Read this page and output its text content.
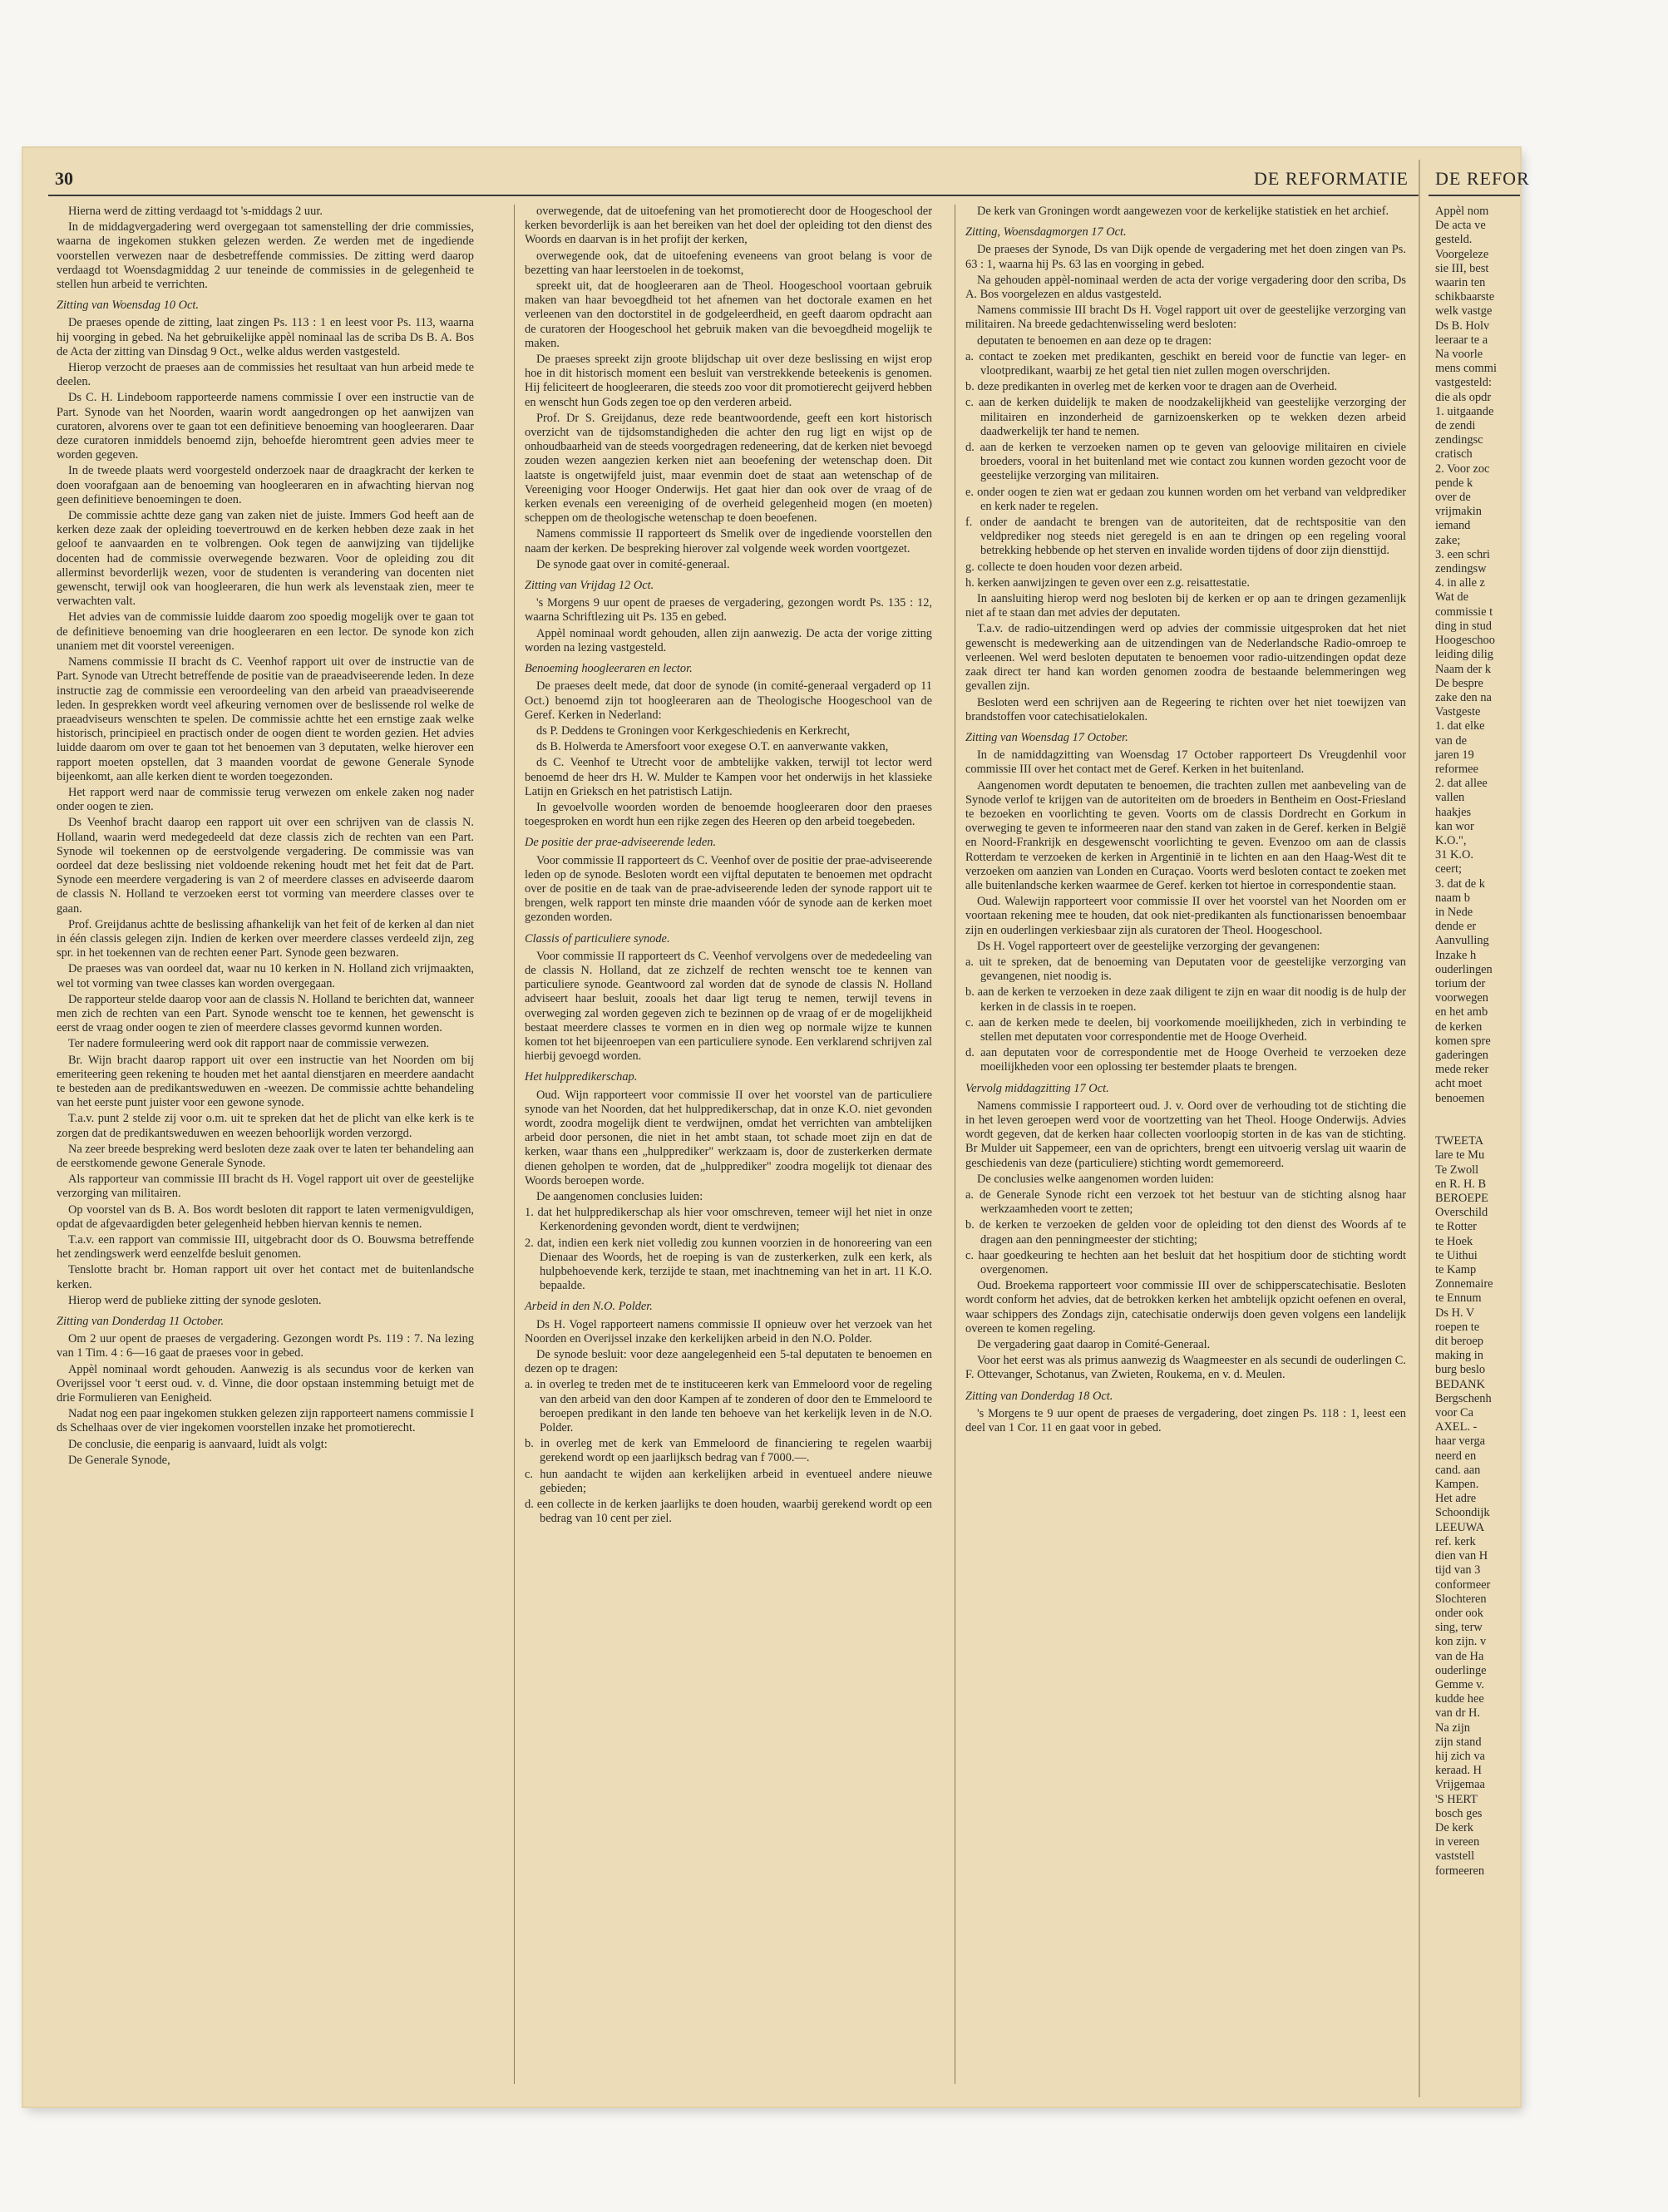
30	DE REFORMATIE

Hierna werd de zitting verdaagd tot 's-middags 2 uur.

In de middagvergadering werd overgegaan tot samenstelling der drie commissies, waarna de ingekomen stukken gelezen werden. Ze werden met de ingediende voorstellen verwezen naar de desbetreffende commissies. De zitting werd daarop verdaagd tot Woensdagmiddag 2 uur teneinde de commissies in de gelegenheid te stellen hun arbeid te verrichten.

Zitting van Woensdag 10 Oct.

De praeses opende de zitting, laat zingen Ps. 113 : 1 en leest voor Ps. 113, waarna hij voorging in gebed. Na het gebruikelijke appèl nominaal las de scriba Ds B. A. Bos de Acta der zitting van Dinsdag 9 Oct., welke aldus werden vastgesteld.

Hierop verzocht de praeses aan de commissies het resultaat van hun arbeid mede te deelen.

Ds C. H. Lindeboom rapporteerde namens commissie I over een instructie van de Part. Synode van het Noorden, waarin wordt aangedrongen op het aanwijzen van curatoren, alvorens over te gaan tot een definitieve benoeming van hoogleeraren. Daar deze curatoren inmiddels benoemd zijn, behoefde hieromtrent geen advies meer te worden gegeven.

In de tweede plaats werd voorgesteld onderzoek naar de draagkracht der kerken te doen voorafgaan aan de benoeming van hoogleeraren en in afwachting hiervan nog geen definitieve benoemingen te doen.

De commissie achtte deze gang van zaken niet de juiste. Immers God heeft aan de kerken deze zaak der opleiding toevertrouwd en de kerken hebben deze zaak in het geloof te aanvaarden en te volbrengen. Ook tegen de aanwijzing van tijdelijke docenten had de commissie overwegende bezwaren. Voor de opleiding zou dit allerminst bevorderlijk wezen, voor de studenten is verandering van docenten niet gewenscht, terwijl ook van hoogleeraren, die hun werk als levenstaak zien, meer te verwachten valt.

Het advies van de commissie luidde daarom zoo spoedig mogelijk over te gaan tot de definitieve benoeming van drie hoogleeraren en een lector. De synode kon zich unaniem met dit voorstel vereenigen.

Namens commissie II bracht ds C. Veenhof rapport uit over de instructie van de Part. Synode van Utrecht betreffende de positie van de praeadviseerende leden. In deze instructie zag de commissie een veroordeeling van den arbeid van praeadviseerende leden. In gesprekken wordt veel afkeuring vernomen over de beslissende rol welke de praeadviseurs wenschten te spelen. De commissie achtte het een ernstige zaak welke historisch, principieel en practisch onder de oogen dient te worden gezien. Het advies luidde daarom om over te gaan tot het benoemen van 3 deputaten, welke hierover een rapport moeten opstellen, dat 3 maanden voordat de gewone Generale Synode bijeenkomt, aan alle kerken dient te worden toegezonden.

Het rapport werd naar de commissie terug verwezen om enkele zaken nog nader onder oogen te zien.

Ds Veenhof bracht daarop een rapport uit over een schrijven van de classis N. Holland, waarin werd medegedeeld dat deze classis zich de rechten van een Part. Synode wil toekennen op de eerstvolgende vergadering. De commissie was van oordeel dat deze beslissing niet voldoende rekening houdt met het feit dat de Part. Synode een meerdere vergadering is van 2 of meerdere classes en adviseerde daarom de classis N. Holland te verzoeken eerst tot vorming van meerdere classes over te gaan.

Prof. Greijdanus achtte de beslissing afhankelijk van het feit of de kerken al dan niet in één classis gelegen zijn. Indien de kerken over meerdere classes verdeeld zijn, zeg spr. in het toekennen van de rechten eener Part. Synode geen bezwaren.

De praeses was van oordeel dat, waar nu 10 kerken in N. Holland zich vrijmaakten, wel tot vorming van twee classes kan worden overgegaan.

De rapporteur stelde daarop voor aan de classis N. Holland te berichten dat, wanneer men zich de rechten van een Part. Synode wenscht toe te kennen, het gewenscht is eerst de vraag onder oogen te zien of meerdere classes gevormd kunnen worden.

Ter nadere formuleering werd ook dit rapport naar de commissie verwezen.

Br. Wijn bracht daarop rapport uit over een instructie van het Noorden om bij emeriteering geen rekening te houden met het aantal dienstjaren en meerdere aandacht te besteden aan de predikantsweduwen en -weezen. De commissie achtte behandeling van het eerste punt juister voor een gewone synode.

T.a.v. punt 2 stelde zij voor o.m. uit te spreken dat het de plicht van elke kerk is te zorgen dat de predikantsweduwen en weezen behoorlijk worden verzorgd.

Na zeer breede bespreking werd besloten deze zaak over te laten ter behandeling aan de eerstkomende gewone Generale Synode.

Als rapporteur van commissie III bracht ds H. Vogel rapport uit over de geestelijke verzorging van militairen.

Op voorstel van ds B. A. Bos wordt besloten dit rapport te laten vermenigvuldigen, opdat de afgevaardigden beter gelegenheid hebben hiervan kennis te nemen.

T.a.v. een rapport van commissie III, uitgebracht door ds O. Bouwsma betreffende het zendingswerk werd eenzelfde besluit genomen.

Tenslotte bracht br. Homan rapport uit over het contact met de buitenlandsche kerken.

Hierop werd de publieke zitting der synode gesloten.

Zitting van Donderdag 11 October.

Om 2 uur opent de praeses de vergadering. Gezongen wordt Ps. 119 : 7. Na lezing van 1 Tim. 4 : 6—16 gaat de praeses voor in gebed.

Appèl nominaal wordt gehouden. Aanwezig is als secundus voor de kerken van Overijssel voor 't eerst oud. v. d. Vinne, die door opstaan instemming betuigt met de drie Formulieren van Eenigheid.

Nadat nog een paar ingekomen stukken gelezen zijn rapporteert namens commissie I ds Schelhaas over de vier ingekomen voorstellen inzake het promotierecht.

De conclusie, die eenparig is aanvaard, luidt als volgt:

De Generale Synode,

overwegende, dat de uitoefening van het promotierecht door de Hoogeschool der kerken bevorderlijk is aan het bereiken van het doel der opleiding tot den dienst des Woords en daarvan is in het profijt der kerken,

overwegende ook, dat de uitoefening eveneens van groot belang is voor de bezetting van haar leerstoelen in de toekomst,

spreekt uit, dat de hoogleeraren aan de Theol. Hoogeschool voortaan gebruik maken van haar bevoegdheid tot het afnemen van het doctorale examen en het verleenen van den doctorstitel in de godgeleerdheid, en geeft daarom opdracht aan de curatoren der Hoogeschool het gebruik maken van die bevoegdheid mogelijk te maken.

De praeses spreekt zijn groote blijdschap uit over deze beslissing en wijst erop hoe in dit historisch moment een besluit van verstrekkende beteekenis is genomen. Hij feliciteert de hoogleeraren, die steeds zoo voor dit promotierecht geijverd hebben en wenscht hun Gods zegen toe op den verderen arbeid.

Prof. Dr S. Greijdanus, deze rede beantwoordende, geeft een kort historisch overzicht van de tijdsomstandigheden die achter den rug ligt en wijst op de onhoudbaarheid van de steeds voorgedragen redeneering, dat de kerken niet bevoegd zouden wezen aangezien kerken niet aan beoefening der wetenschap doen. Dit laatste is ongetwijfeld juist, maar evenmin doet de staat aan wetenschap of de Vereeniging voor Hooger Onderwijs. Het gaat hier dan ook over de vraag of de kerken evenals een vereeniging of de overheid gelegenheid mogen (en moeten) scheppen om de theologische wetenschap te doen beoefenen.

Namens commissie II rapporteert ds Smelik over de ingediende voorstellen den naam der kerken. De bespreking hierover zal volgende week worden voortgezet.

De synode gaat over in comité-generaal.

Zitting van Vrijdag 12 Oct.

's Morgens 9 uur opent de praeses de vergadering, gezongen wordt Ps. 135 : 12, waarna Schriftlezing uit Ps. 135 en gebed.

Appèl nominaal wordt gehouden, allen zijn aanwezig. De acta der vorige zitting worden na lezing vastgesteld.

Benoeming hoogleeraren en lector.

De praeses deelt mede, dat door de synode (in comité-generaal vergaderd op 11 Oct.) benoemd zijn tot hoogleeraren aan de Theologische Hoogeschool van de Geref. Kerken in Nederland:

ds P. Deddens te Groningen voor Kerkgeschiedenis en Kerkrecht,

ds B. Holwerda te Amersfoort voor exegese O.T. en aanverwante vakken,

ds C. Veenhof te Utrecht voor de ambtelijke vakken, terwijl tot lector werd benoemd de heer drs H. W. Mulder te Kampen voor het onderwijs in het klassieke Latijn en Grieksch en het patristisch Latijn.

In gevoelvolle woorden worden de benoemde hoogleeraren door den praeses toegesproken en wordt hun een rijke zegen des Heeren op den arbeid toegebeden.

De positie der prae-adviseerende leden.

Voor commissie II rapporteert ds C. Veenhof over de positie der prae-adviseerende leden op de synode. Besloten wordt een vijftal deputaten te benoemen met opdracht over de positie en de taak van de prae-adviseerende leden der synode rapport uit te brengen, welk rapport ten minste drie maanden vóór de synode aan de kerken moet gezonden worden.

Classis of particuliere synode.

Voor commissie II rapporteert ds C. Veenhof vervolgens over de mededeeling van de classis N. Holland, dat ze zichzelf de rechten wenscht toe te kennen van particuliere synode. Geantwoord zal worden dat de synode de classis N. Holland adviseert haar besluit, zooals het daar ligt terug te nemen, terwijl tevens in overweging zal worden gegeven zich te bezinnen op de vraag of er de mogelijkheid bestaat meerdere classes te vormen en in dien weg op normale wijze te kunnen komen tot het bijeenroepen van een particuliere synode. Een verklarend schrijven zal hierbij gevoegd worden.

Het hulppredikerschap.

Oud. Wijn rapporteert voor commissie II over het voorstel van de particuliere synode van het Noorden, dat het hulppredikerschap, dat in onze K.O. niet gevonden wordt, zoodra mogelijk dient te verdwijnen, omdat het verrichten van ambtelijken arbeid door personen, die niet in het ambt staan, tot schade moet zijn en dat de kerken, waar thans een „hulpprediker" werkzaam is, door de zusterkerken dermate dienen geholpen te worden, dat de „hulpprediker" zoodra mogelijk tot dienaar des Woords beroepen worde.

De aangenomen conclusies luiden:

1. dat het hulppredikerschap als hier voor omschreven, temeer wijl het niet in onze Kerkenordening gevonden wordt, dient te verdwijnen;

2. dat, indien een kerk niet volledig zou kunnen voorzien in de honoreering van een Dienaar des Woords, het de roeping is van de zusterkerken, zulk een kerk, als hulpbehoevende kerk, terzijde te staan, met inachtneming van het in art. 11 K.O. bepaalde.

Arbeid in den N.O. Polder.

Ds H. Vogel rapporteert namens commissie II opnieuw over het verzoek van het Noorden en Overijssel inzake den kerkelijken arbeid in den N.O. Polder.

De synode besluit: voor deze aangelegenheid een 5-tal deputaten te benoemen en dezen op te dragen:

a. in overleg te treden met de te instituceeren kerk van Emmeloord voor de regeling van den arbeid van den door Kampen af te zonderen of door den te Emmeloord te beroepen predikant in den lande ten behoeve van het kerkelijk leven in de N.O. Polder.

b. in overleg met de kerk van Emmeloord de financiering te regelen waarbij gerekend wordt op een jaarlijksch bedrag van f 7000.—.

c. hun aandacht te wijden aan kerkelijken arbeid in eventueel andere nieuwe gebieden;

d. een collecte in de kerken jaarlijks te doen houden, waarbij gerekend wordt op een bedrag van 10 cent per ziel.

De kerk van Groningen wordt aangewezen voor de kerkelijke statistiek en het archief.

Zitting, Woensdagmorgen 17 Oct.

De praeses der Synode, Ds van Dijk opende de vergadering met het doen zingen van Ps. 63 : 1, waarna hij Ps. 63 las en voorging in gebed.

Na gehouden appèl-nominaal werden de acta der vorige vergadering door den scriba, Ds A. Bos voorgelezen en aldus vastgesteld.

Namens commissie III bracht Ds H. Vogel rapport uit over de geestelijke verzorging van militairen. Na breede gedachtenwisseling werd besloten:

deputaten te benoemen en aan deze op te dragen:

a. contact te zoeken met predikanten, geschikt en bereid voor de functie van leger- en vlootpredikant, waarbij ze het getal tien niet zullen mogen overschrijden.

b. deze predikanten in overleg met de kerken voor te dragen aan de Overheid.

c. aan de kerken duidelijk te maken de noodzakelijkheid van geestelijke verzorging der militairen en inzonderheid de garnizoenskerken op te wekken dezen arbeid daadwerkelijk ter hand te nemen.

d. aan de kerken te verzoeken namen op te geven van geloovige militairen en civiele broeders, vooral in het buitenland met wie contact zou kunnen worden gezocht voor de geestelijke verzorging van militairen.

e. onder oogen te zien wat er gedaan zou kunnen worden om het verband van veldprediker en kerk nader te regelen.

f. onder de aandacht te brengen van de autoriteiten, dat de rechtspositie van den veldprediker nog steeds niet geregeld is en aan te dringen op een regeling vooral betrekking hebbende op het sterven en invalide worden tijdens of door zijn diensttijd.

g. collecte te doen houden voor dezen arbeid.

h. kerken aanwijzingen te geven over een z.g. reisattestatie.

In aansluiting hierop werd nog besloten bij de kerken er op aan te dringen gezamenlijk niet af te staan dan met advies der deputaten.

T.a.v. de radio-uitzendingen werd op advies der commissie uitgesproken dat het niet gewenscht is medewerking aan de uitzendingen van de Nederlandsche Radio-omroep te verleenen. Wel werd besloten deputaten te benoemen voor radio-uitzendingen opdat deze zaak direct ter hand kan worden genomen zoodra de bestaande belemmeringen weg gevallen zijn.

Besloten werd een schrijven aan de Regeering te richten over het niet toewijzen van brandstoffen voor catechisatielokalen.

Zitting van Woensdag 17 October.

In de namiddagzitting van Woensdag 17 October rapporteert Ds Vreugdenhil voor commissie III over het contact met de Geref. Kerken in het buitenland.

Aangenomen wordt deputaten te benoemen, die trachten zullen met aanbeveling van de Synode verlof te krijgen van de autoriteiten om de broeders in Bentheim en Oost-Friesland te bezoeken en voorlichting te geven. Voorts om de classis Dordrecht en Gorkum in overweging te geven te informeeren naar den stand van zaken in de Geref. kerken in België en Noord-Frankrijk en desgewenscht voorlichting te geven. Evenzoo om aan de classis Rotterdam te verzoeken de kerken in Argentinië in te lichten en aan den Haag-West dit te verzoeken om aanzien van Londen en Curaçao. Voorts werd besloten contact te zoeken met alle buitenlandsche kerken waarmee de Geref. kerken tot hiertoe in correspondentie staan.

Oud. Walewijn rapporteert voor commissie II over het voorstel van het Noorden om er voortaan rekening mee te houden, dat ook niet-predikanten als functionarissen benoembaar zijn en ouderlingen verkiesbaar zijn als curatoren der Theol. Hoogeschool.

Ds H. Vogel rapporteert over de geestelijke verzorging der gevangenen:

a. uit te spreken, dat de benoeming van Deputaten voor de geestelijke verzorging van gevangenen, niet noodig is.

b. aan de kerken te verzoeken in deze zaak diligent te zijn en waar dit noodig is de hulp der kerken in de classis in te roepen.

c. aan de kerken mede te deelen, bij voorkomende moeilijkheden, zich in verbinding te stellen met deputaten voor correspondentie met de Hooge Overheid.

d. aan deputaten voor de correspondentie met de Hooge Overheid te verzoeken deze moeilijkheden voor een oplossing ter bestemder plaats te brengen.

Vervolg middagzitting 17 Oct.

Namens commissie I rapporteert oud. J. v. Oord over de verhouding tot de stichting die in het leven geroepen werd voor de voortzetting van het Theol. Hooge Onderwijs. Advies wordt gegeven, dat de kerken haar collecten voorloopig storten in de kas van de stichting. Br Mulder uit Sappemeer, een van de oprichters, brengt een uitvoerig verslag uit waarin de geschiedenis van deze (particuliere) stichting wordt gememoreerd.

De conclusies welke aangenomen worden luiden:

a. de Generale Synode richt een verzoek tot het bestuur van de stichting alsnog haar werkzaamheden voort te zetten;

b. de kerken te verzoeken de gelden voor de opleiding tot den dienst des Woords af te dragen aan den penningmeester der stichting;

c. haar goedkeuring te hechten aan het besluit dat het hospitium door de stichting wordt overgenomen.

Oud. Broekema rapporteert voor commissie III over de schipperscatechisatie. Besloten wordt conform het advies, dat de betrokken kerken het ambtelijk opzicht oefenen en overal, waar schippers des Zondags zijn, catechisatie onderwijs doen geven volgens een landelijk overeen te komen regeling.

De vergadering gaat daarop in Comité-Generaal.

Voor het eerst was als primus aanwezig ds Waagmeester en als secundi de ouderlingen C. F. Ottevanger, Schotanus, van Zwieten, Roukema, en v. d. Meulen.

Zitting van Donderdag 18 Oct.

's Morgens te 9 uur opent de praeses de vergadering, doet zingen Ps. 118 : 1, leest een deel van 1 Cor. 11 en gaat voor in gebed.

DE REFOR
Appèl nom
De acta ve
gesteld.
Voorgeleze
sie III, best
waarin ten
schikbaarste
welk vastge
Ds B. Holv
leeraar te a
Na voorle
mens commi
vastgesteld:
die als opdr
1. uitgaande
de zendi
zendingsc
cratisch
2. Voor zoc
pende k
over de
vrijmakin
iemand
zake;
3. een schri
zendingsw
4. in alle z
Wat de
commissie t
ding in stud
Hoogeschoo
leiding dilig
Naam der k
De bespre
zake den na
Vastgeste
1. dat elke
van de
jaren 19
reformee
2. dat allee
vallen
haakjes
kan wor
K.O.",
31 K.O.
ceert;
3. dat de k
naam b
in Nede
dende er
Aanvulling
Inzake h
ouderlingen
torium der
voorwegen
en het amb
de kerken
komen spre
gaderingen
mede reker
acht moet
benoemen

TWEETA
lare te Mu
Te Zwoll
en R. H. B
BEROEPE
Overschild
te Rotter
te Hoek
te Uithui
te Kamp
Zonnemaire
te Ennum
Ds H. V
roepen te
dit beroep
making in
burg beslo
BEDANK
Bergschenh
voor Ca
AXEL. -
haar verga
neerd en
cand. aan
Kampen.
Het adre
Schoondijk
LEEUWA
ref. kerk
dien van H
tijd van 3
conformeer
Slochteren
onder ook
sing, terw
kon zijn. v
van de Ha
ouderlinge
Gemme v.
kudde hee
van dr H.
Na zijn
zijn stand
hij zich va
keraad. H
Vrijgemaa
'S HERT
bosch ges
De kerk
in vereen
vaststell
formeeren
